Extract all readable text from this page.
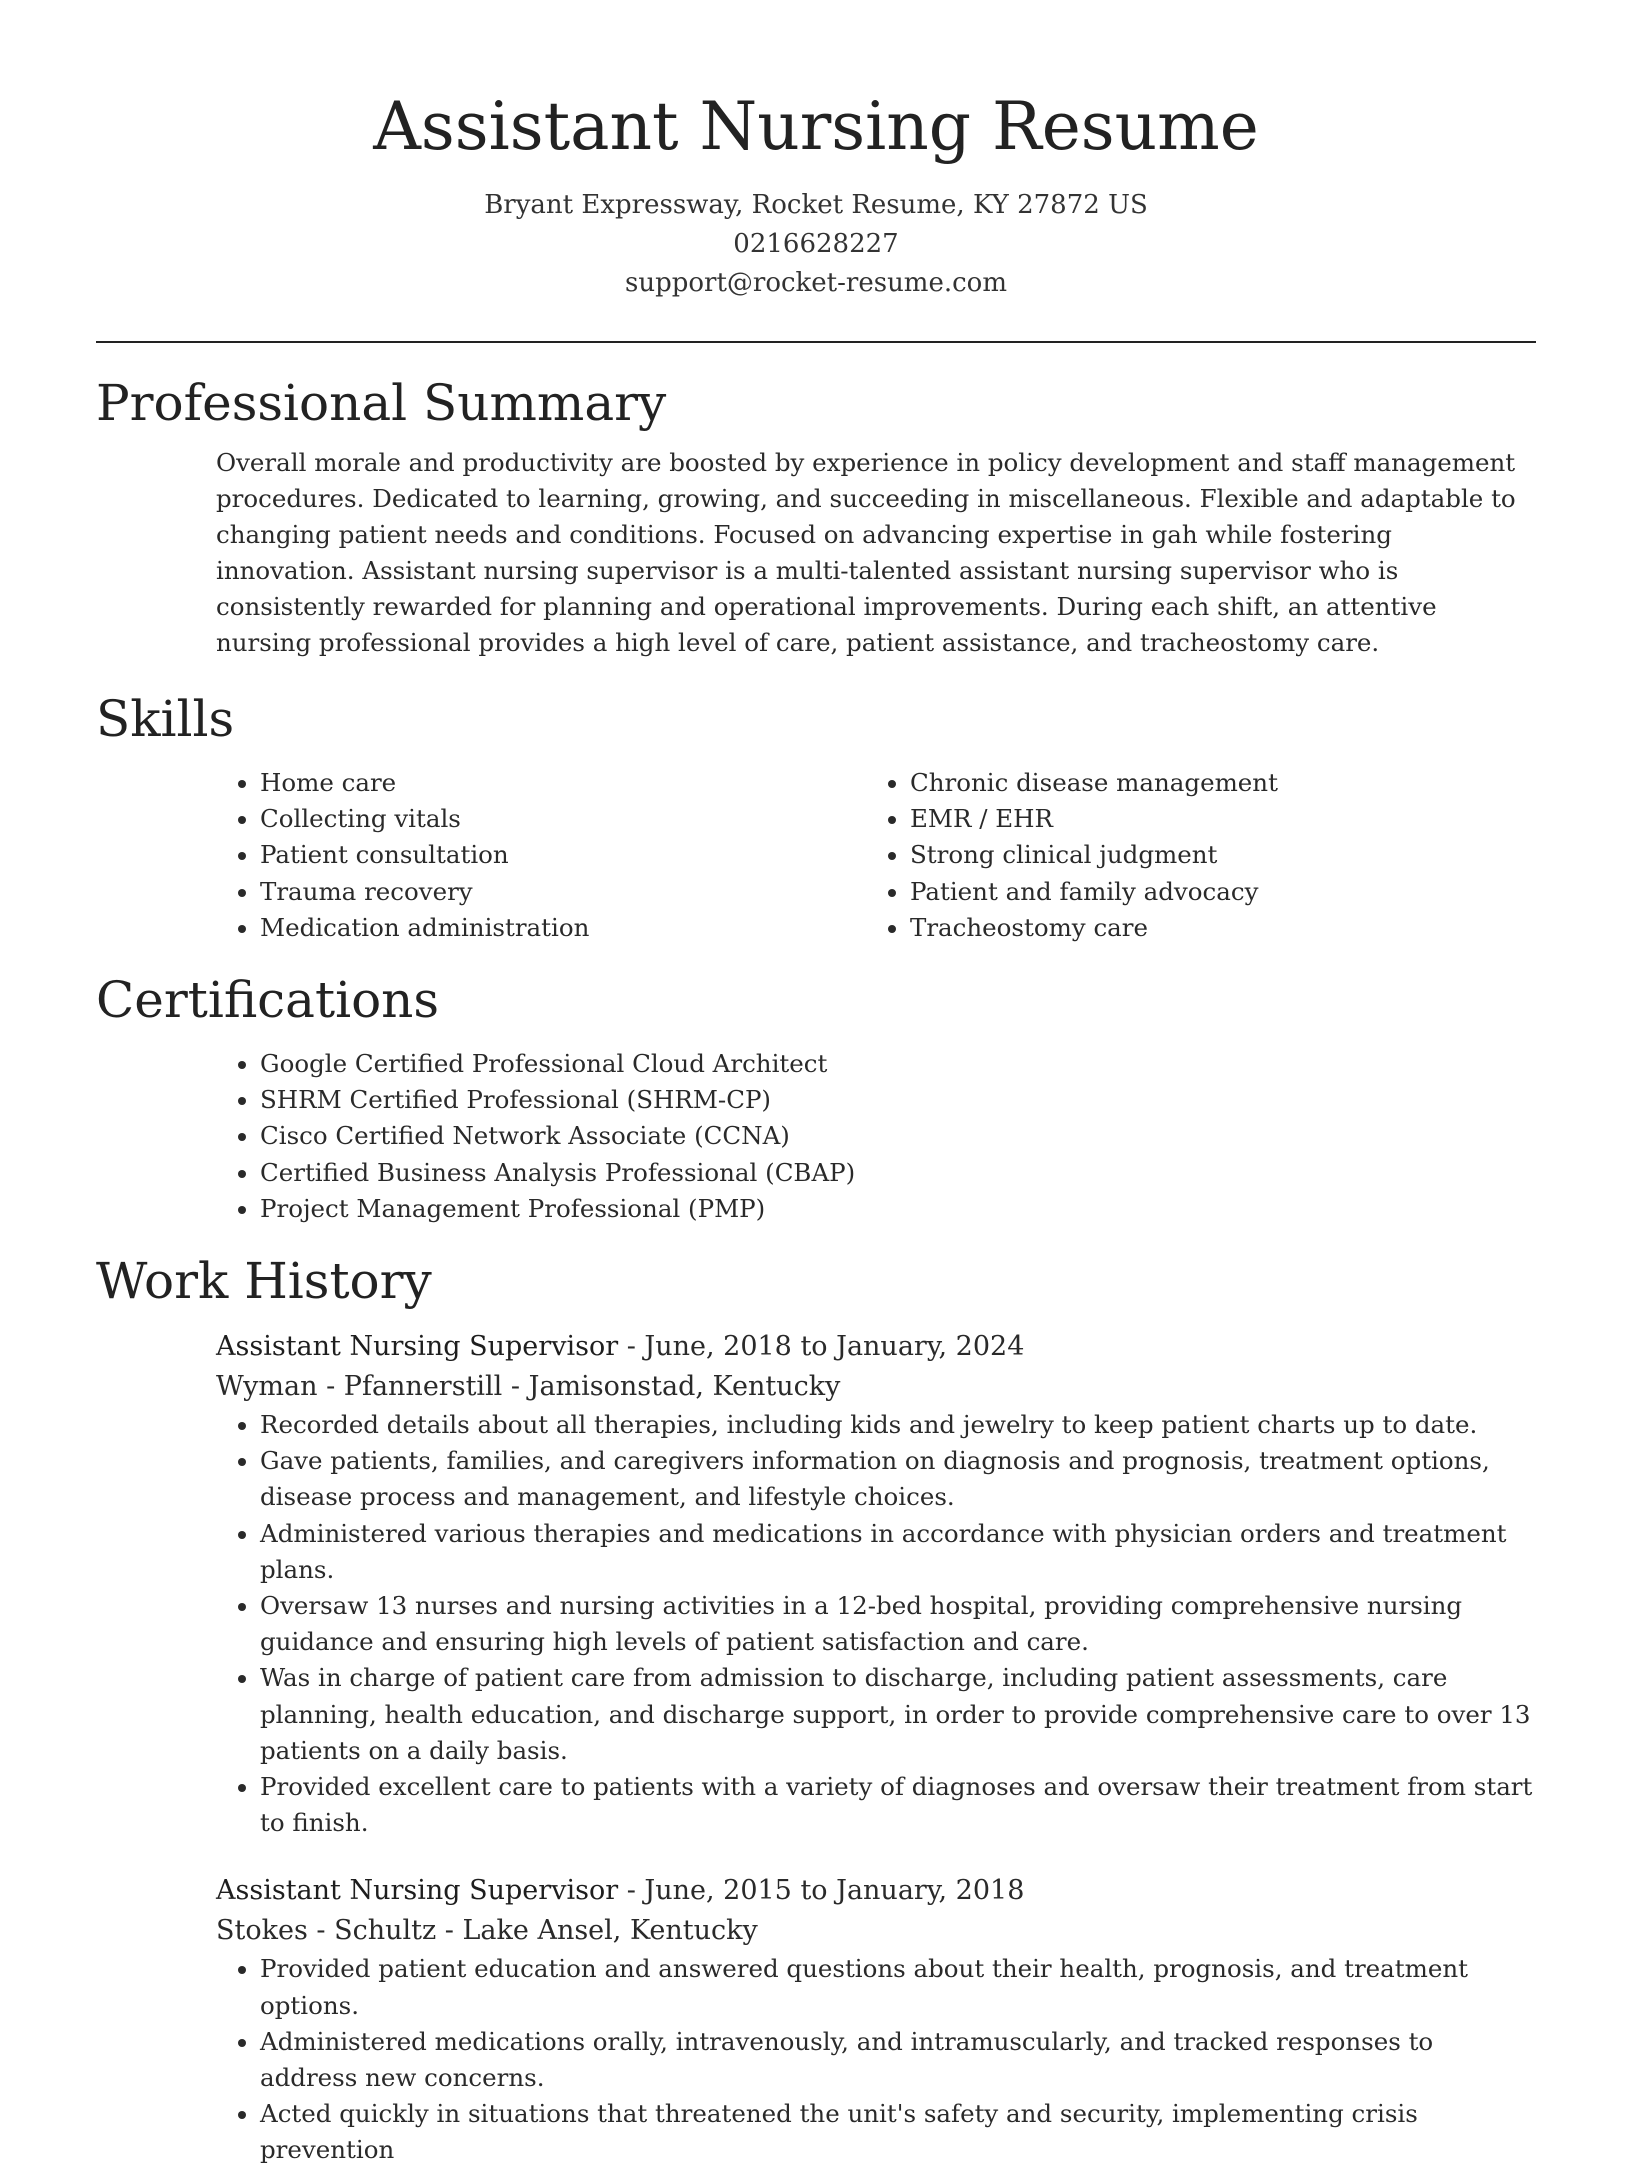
Assistant Nursing Resume
Bryant Expressway, Rocket Resume, KY 27872 US
0216628227
support@rocket-resume.com
Professional Summary

Overall morale and productivity are boosted by experience in policy development and staff management procedures. Dedicated to learning, growing, and succeeding in miscellaneous. Flexible and adaptable to changing patient needs and conditions. Focused on advancing expertise in gah while fostering innovation. Assistant nursing supervisor is a multi-talented assistant nursing supervisor who is consistently rewarded for planning and operational improvements. During each shift, an attentive nursing professional provides a high level of care, patient assistance, and tracheostomy care.

Skills
• Home care
• Collecting vitals
• Patient consultation
• Trauma recovery
• Medication administration
• Chronic disease management
• EMR / EHR
• Strong clinical judgment
• Patient and family advocacy
• Tracheostomy care
Certifications
• Google Certified Professional Cloud Architect
• SHRM Certified Professional (SHRM-CP)
• Cisco Certified Network Associate (CCNA)
• Certified Business Analysis Professional (CBAP)
• Project Management Professional (PMP)
Work History
Assistant Nursing Supervisor - June, 2018 to January, 2024
Wyman - Pfannerstill - Jamisonstad, Kentucky
• Recorded details about all therapies, including kids and jewelry to keep patient charts up to date.
• Gave patients, families, and caregivers information on diagnosis and prognosis, treatment options, disease process and management, and lifestyle choices.
• Administered various therapies and medications in accordance with physician orders and treatment plans.
• Oversaw 13 nurses and nursing activities in a 12-bed hospital, providing comprehensive nursing guidance and ensuring high levels of patient satisfaction and care.
• Was in charge of patient care from admission to discharge, including patient assessments, care planning, health education, and discharge support, in order to provide comprehensive care to over 13 patients on a daily basis.
• Provided excellent care to patients with a variety of diagnoses and oversaw their treatment from start to finish.
Assistant Nursing Supervisor - June, 2015 to January, 2018
Stokes - Schultz - Lake Ansel, Kentucky
• Provided patient education and answered questions about their health, prognosis, and treatment options.
• Administered medications orally, intravenously, and intramuscularly, and tracked responses to address new concerns.
• Acted quickly in situations that threatened the unit's safety and security, implementing crisis prevention
